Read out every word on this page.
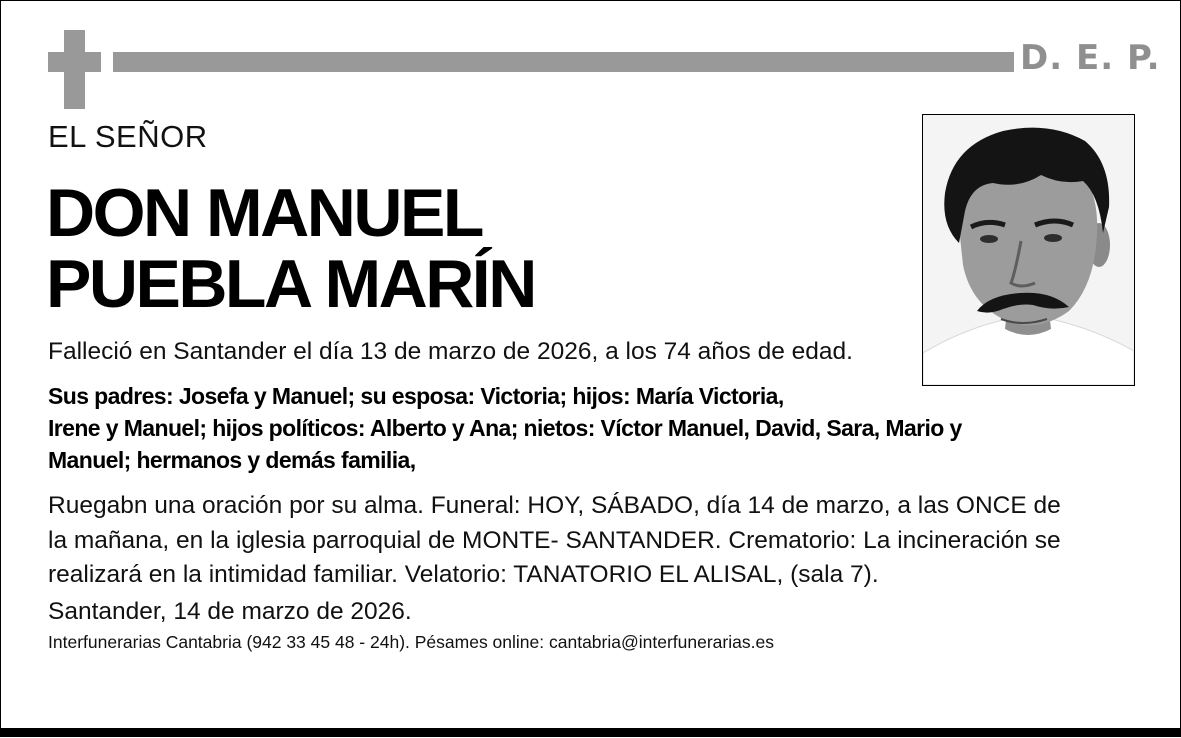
D. E. P.
EL SEÑOR
DON MANUEL
PUEBLA MARÍN
Falleció en Santander el día 13 de marzo de 2026, a los 74 años de edad.
Sus padres: Josefa y Manuel; su esposa: Victoria; hijos: María Victoria,
Irene y Manuel; hijos políticos: Alberto y Ana; nietos: Víctor Manuel, David, Sara, Mario y
Manuel; hermanos y demás familia,
Ruegabn una oración por su alma. Funeral: HOY, SÁBADO, día 14 de marzo, a las ONCE de
la mañana, en la iglesia parroquial de MONTE- SANTANDER. Crematorio: La incineración se
realizará en la intimidad familiar. Velatorio: TANATORIO EL ALISAL, (sala 7).
Santander, 14 de marzo de 2026.
Interfunerarias Cantabria (942 33 45 48 - 24h). Pésames online: cantabria@interfunerarias.es
